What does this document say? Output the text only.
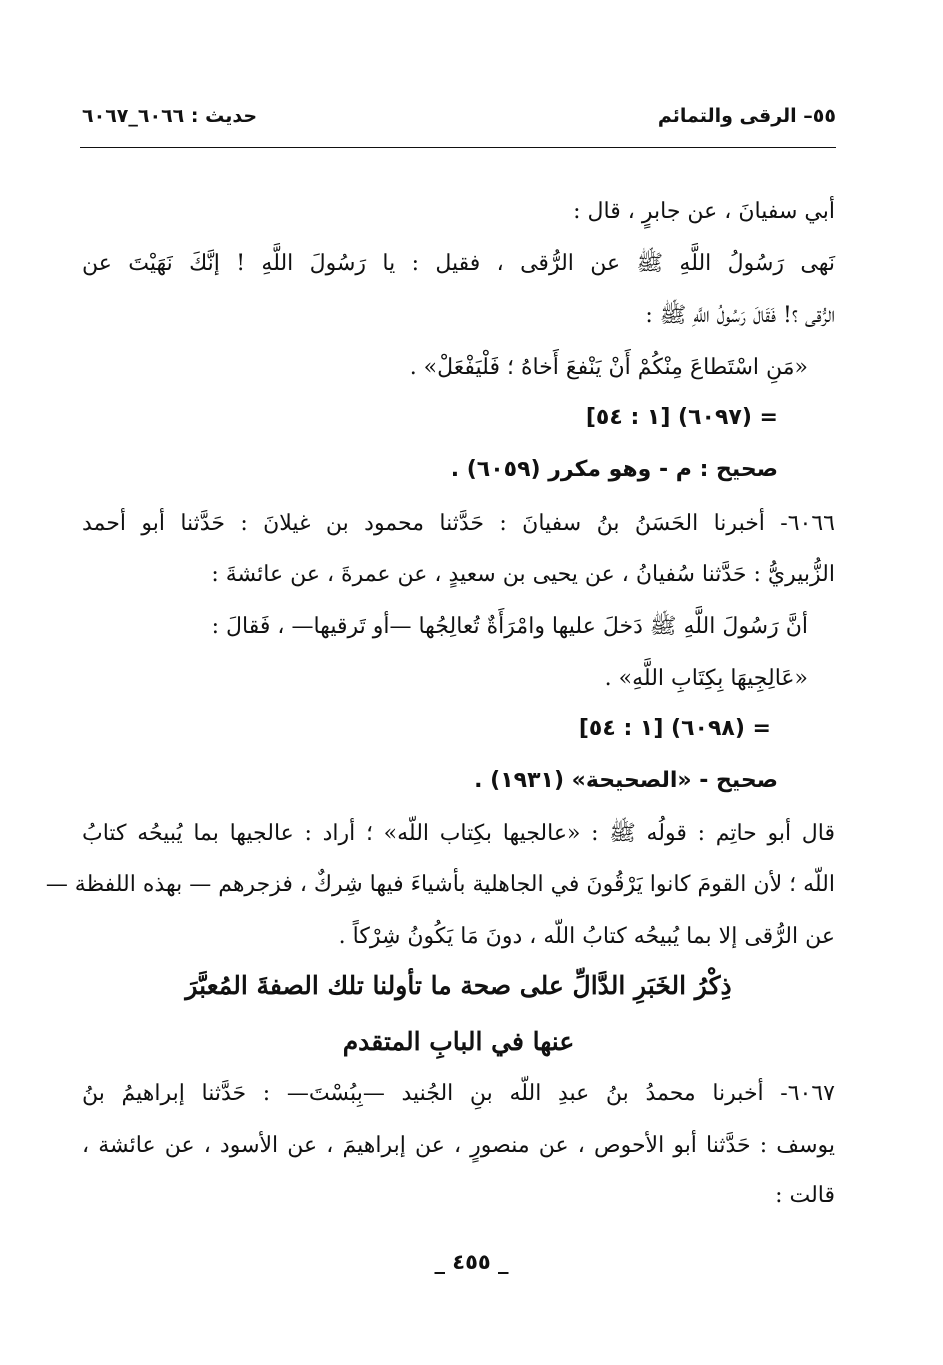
حديث : ٦٠٦٦_٦٠٦٧	٥٥– الرقى والتمائم
أبي سفيانَ ، عن جابرٍ ، قال :
نَهى رَسُولُ اللَّهِ ﷺ عن الرُّقى ، فقيل : يا رَسُولَ اللَّهِ ! إنَّكَ نَهَيْتَ عن
الرُّقى ؟! فَقَالَ رَسُولُ اللَّهِ ﷺ :
«مَنِ اسْتَطاعَ مِنْكُمْ أَنْ يَنْفعَ أَخاهُ ؛ فَلْيَفْعَلْ» .
= (٦٠٩٧) [١ : ٥٤]
صحيح : م - وهو مكرر (٦٠٥٩) .
٦٠٦٦- أخبرنا الحَسَنُ بنُ سفيانَ : حَدَّثنا محمود بن غيلانَ : حَدَّثنا أبو أحمد
الزُّبيريُّ : حَدَّثنا سُفيانُ ، عن يحيى بن سعيدٍ ، عن عمرةَ ، عن عائشةَ :
أنَّ رَسُولَ اللَّهِ ﷺ دَخلَ عليها وامْرَأَةٌ تُعالِجُها —أو تَرقيها— ، فَقالَ :
«عَالِجِيهَا بِكِتَابِ اللَّهِ» .
= (٦٠٩٨) [١ : ٥٤]
صحيح - «الصحيحة» (١٩٣١) .
قال أبو حاتِم : قولُه ﷺ : «عالجيها بكِتاب اللّه» ؛ أراد : عالجيها بما يُبيحُه كتابُ
اللّه ؛ لأن القومَ كانوا يَرْقُونَ في الجاهلية بأشياءَ فيها شِركٌ ، فزجرهم — بهذه اللفظة —
عن الرُّقى إلا بما يُبيحُه كتابُ اللّه ، دونَ مَا يَكُونُ شِرْكاً .
ذِكْرُ الخَبَرِ الدَّالِّ على صحة ما تأولنا تلك الصفةَ المُعبَّرَ
عنها في البابِ المتقدم
٦٠٦٧- أخبرنا محمدُ بنُ عبدِ اللّه بنِ الجُنيد —بِبُسْتَ— : حَدَّثنا إبراهيمُ بنُ
يوسف : حَدَّثنا أبو الأحوص ، عن منصورٍ ، عن إبراهيمَ ، عن الأسود ، عن عائشة ،
قالت :
_ ٤٥٥ _
